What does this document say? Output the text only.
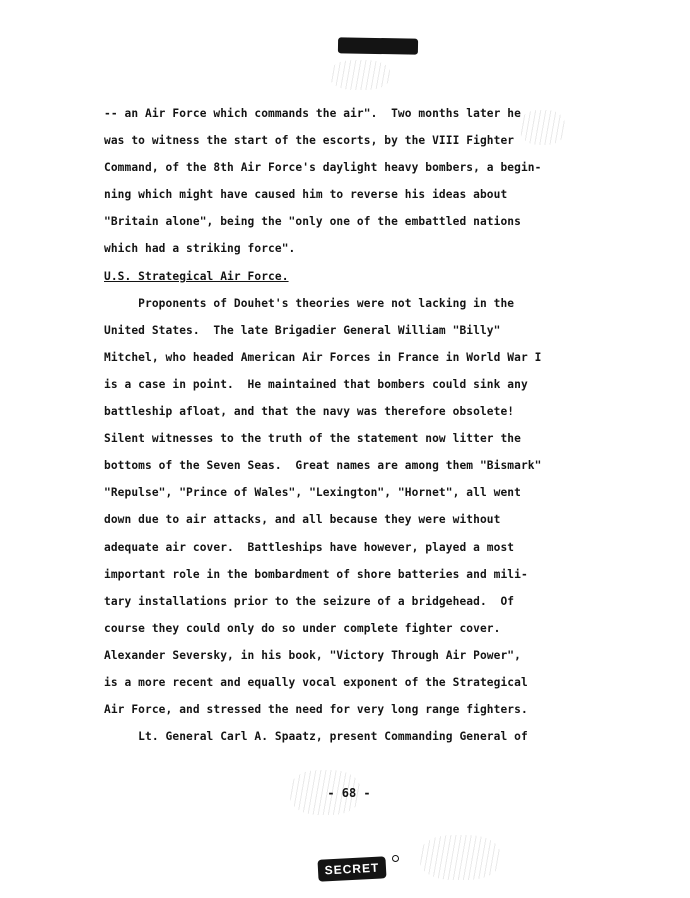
-- an Air Force which commands the air".  Two months later he
was to witness the start of the escorts, by the VIII Fighter
Command, of the 8th Air Force's daylight heavy bombers, a begin-
ning which might have caused him to reverse his ideas about
"Britain alone", being the "only one of the embattled nations
which had a striking force".
U.S. Strategical Air Force.
Proponents of Douhet's theories were not lacking in the
United States.  The late Brigadier General William "Billy"
Mitchel, who headed American Air Forces in France in World War I
is a case in point.  He maintained that bombers could sink any
battleship afloat, and that the navy was therefore obsolete!
Silent witnesses to the truth of the statement now litter the
bottoms of the Seven Seas.  Great names are among them "Bismark"
"Repulse", "Prince of Wales", "Lexington", "Hornet", all went
down due to air attacks, and all because they were without
adequate air cover.  Battleships have however, played a most
important role in the bombardment of shore batteries and mili-
tary installations prior to the seizure of a bridgehead.  Of
course they could only do so under complete fighter cover.
Alexander Seversky, in his book, "Victory Through Air Power",
is a more recent and equally vocal exponent of the Strategical
Air Force, and stressed the need for very long range fighters.
Lt. General Carl A. Spaatz, present Commanding General of
- 68 -
SECRET
